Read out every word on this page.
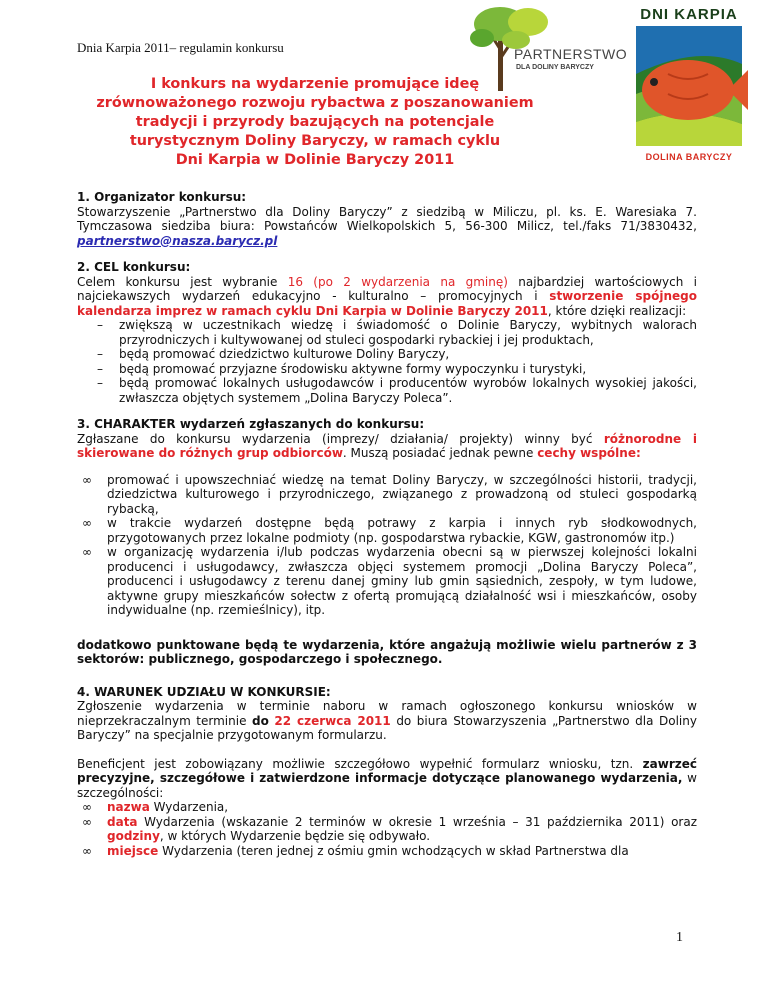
Dnia Karpia 2011– regulamin konkursu	PARTNERSTWO
DLA DOLINY BARYCZY
DNI KARPIA
DOLINA BARYCZY
I konkurs na wydarzenie promujące ideę
zrównoważonego rozwoju rybactwa z poszanowaniem
tradycji i przyrody bazujących na potencjale
turystycznym Doliny Baryczy, w ramach cyklu
Dni Karpia w Dolinie Baryczy 2011
1. Organizator konkursu:
Stowarzyszenie „Partnerstwo dla Doliny Baryczy” z siedzibą w Miliczu, pl. ks. E. Waresiaka 7. Tymczasowa siedziba biura: Powstańców Wielkopolskich 5, 56-300 Milicz, tel./faks 71/3830432, partnerstwo@nasza.barycz.pl
2. CEL konkursu:
Celem konkursu jest wybranie 16 (po 2 wydarzenia na gminę) najbardziej wartościowych i najciekawszych wydarzeń edukacyjno - kulturalno – promocyjnych i stworzenie spójnego kalendarza imprez w ramach cyklu Dni Karpia w Dolinie Baryczy 2011, które dzięki realizacji:
– zwiększą w uczestnikach wiedzę i świadomość o Dolinie Baryczy, wybitnych walorach przyrodniczych i kultywowanej od stuleci gospodarki rybackiej i jej produktach,
– będą promować dziedzictwo kulturowe Doliny Baryczy,
– będą promować przyjazne środowisku aktywne formy wypoczynku i turystyki,
– będą promować lokalnych usługodawców i producentów wyrobów lokalnych wysokiej jakości, zwłaszcza objętych systemem „Dolina Baryczy Poleca”.
3. CHARAKTER wydarzeń zgłaszanych do konkursu:
Zgłaszane do konkursu wydarzenia (imprezy/ działania/ projekty) winny być różnorodne i skierowane do różnych grup odbiorców. Muszą posiadać jednak pewne cechy wspólne:
∞ promować i upowszechniać wiedzę na temat Doliny Baryczy, w szczególności historii, tradycji, dziedzictwa kulturowego i przyrodniczego, związanego z prowadzoną od stuleci gospodarką rybacką,
∞ w trakcie wydarzeń dostępne będą potrawy z karpia i innych ryb słodkowodnych, przygotowanych przez lokalne podmioty (np. gospodarstwa rybackie, KGW, gastronomów itp.)
∞ w organizację wydarzenia i/lub podczas wydarzenia obecni są w pierwszej kolejności lokalni producenci i usługodawcy, zwłaszcza objęci systemem promocji „Dolina Baryczy Poleca”, producenci i usługodawcy z terenu danej gminy lub gmin sąsiednich, zespoły, w tym ludowe, aktywne grupy mieszkańców sołectw z ofertą promującą działalność wsi i mieszkańców, osoby indywidualne (np. rzemieślnicy), itp.
dodatkowo punktowane będą te wydarzenia, które angażują możliwie wielu partnerów z 3 sektorów: publicznego, gospodarczego i społecznego.
4. WARUNEK UDZIAŁU W KONKURSIE:
Zgłoszenie wydarzenia w terminie naboru w ramach ogłoszonego konkursu wniosków w nieprzekraczalnym terminie do 22 czerwca 2011 do biura Stowarzyszenia „Partnerstwo dla Doliny Baryczy” na specjalnie przygotowanym formularzu.
Beneficjent jest zobowiązany możliwie szczegółowo wypełnić formularz wniosku, tzn. zawrzeć precyzyjne, szczegółowe i zatwierdzone informacje dotyczące planowanego wydarzenia, w szczególności:
∞ nazwa Wydarzenia,
∞ data Wydarzenia (wskazanie 2 terminów w okresie 1 września – 31 października 2011) oraz godziny, w których Wydarzenie będzie się odbywało.
∞ miejsce Wydarzenia (teren jednej z ośmiu gmin wchodzących w skład Partnerstwa dla
1
